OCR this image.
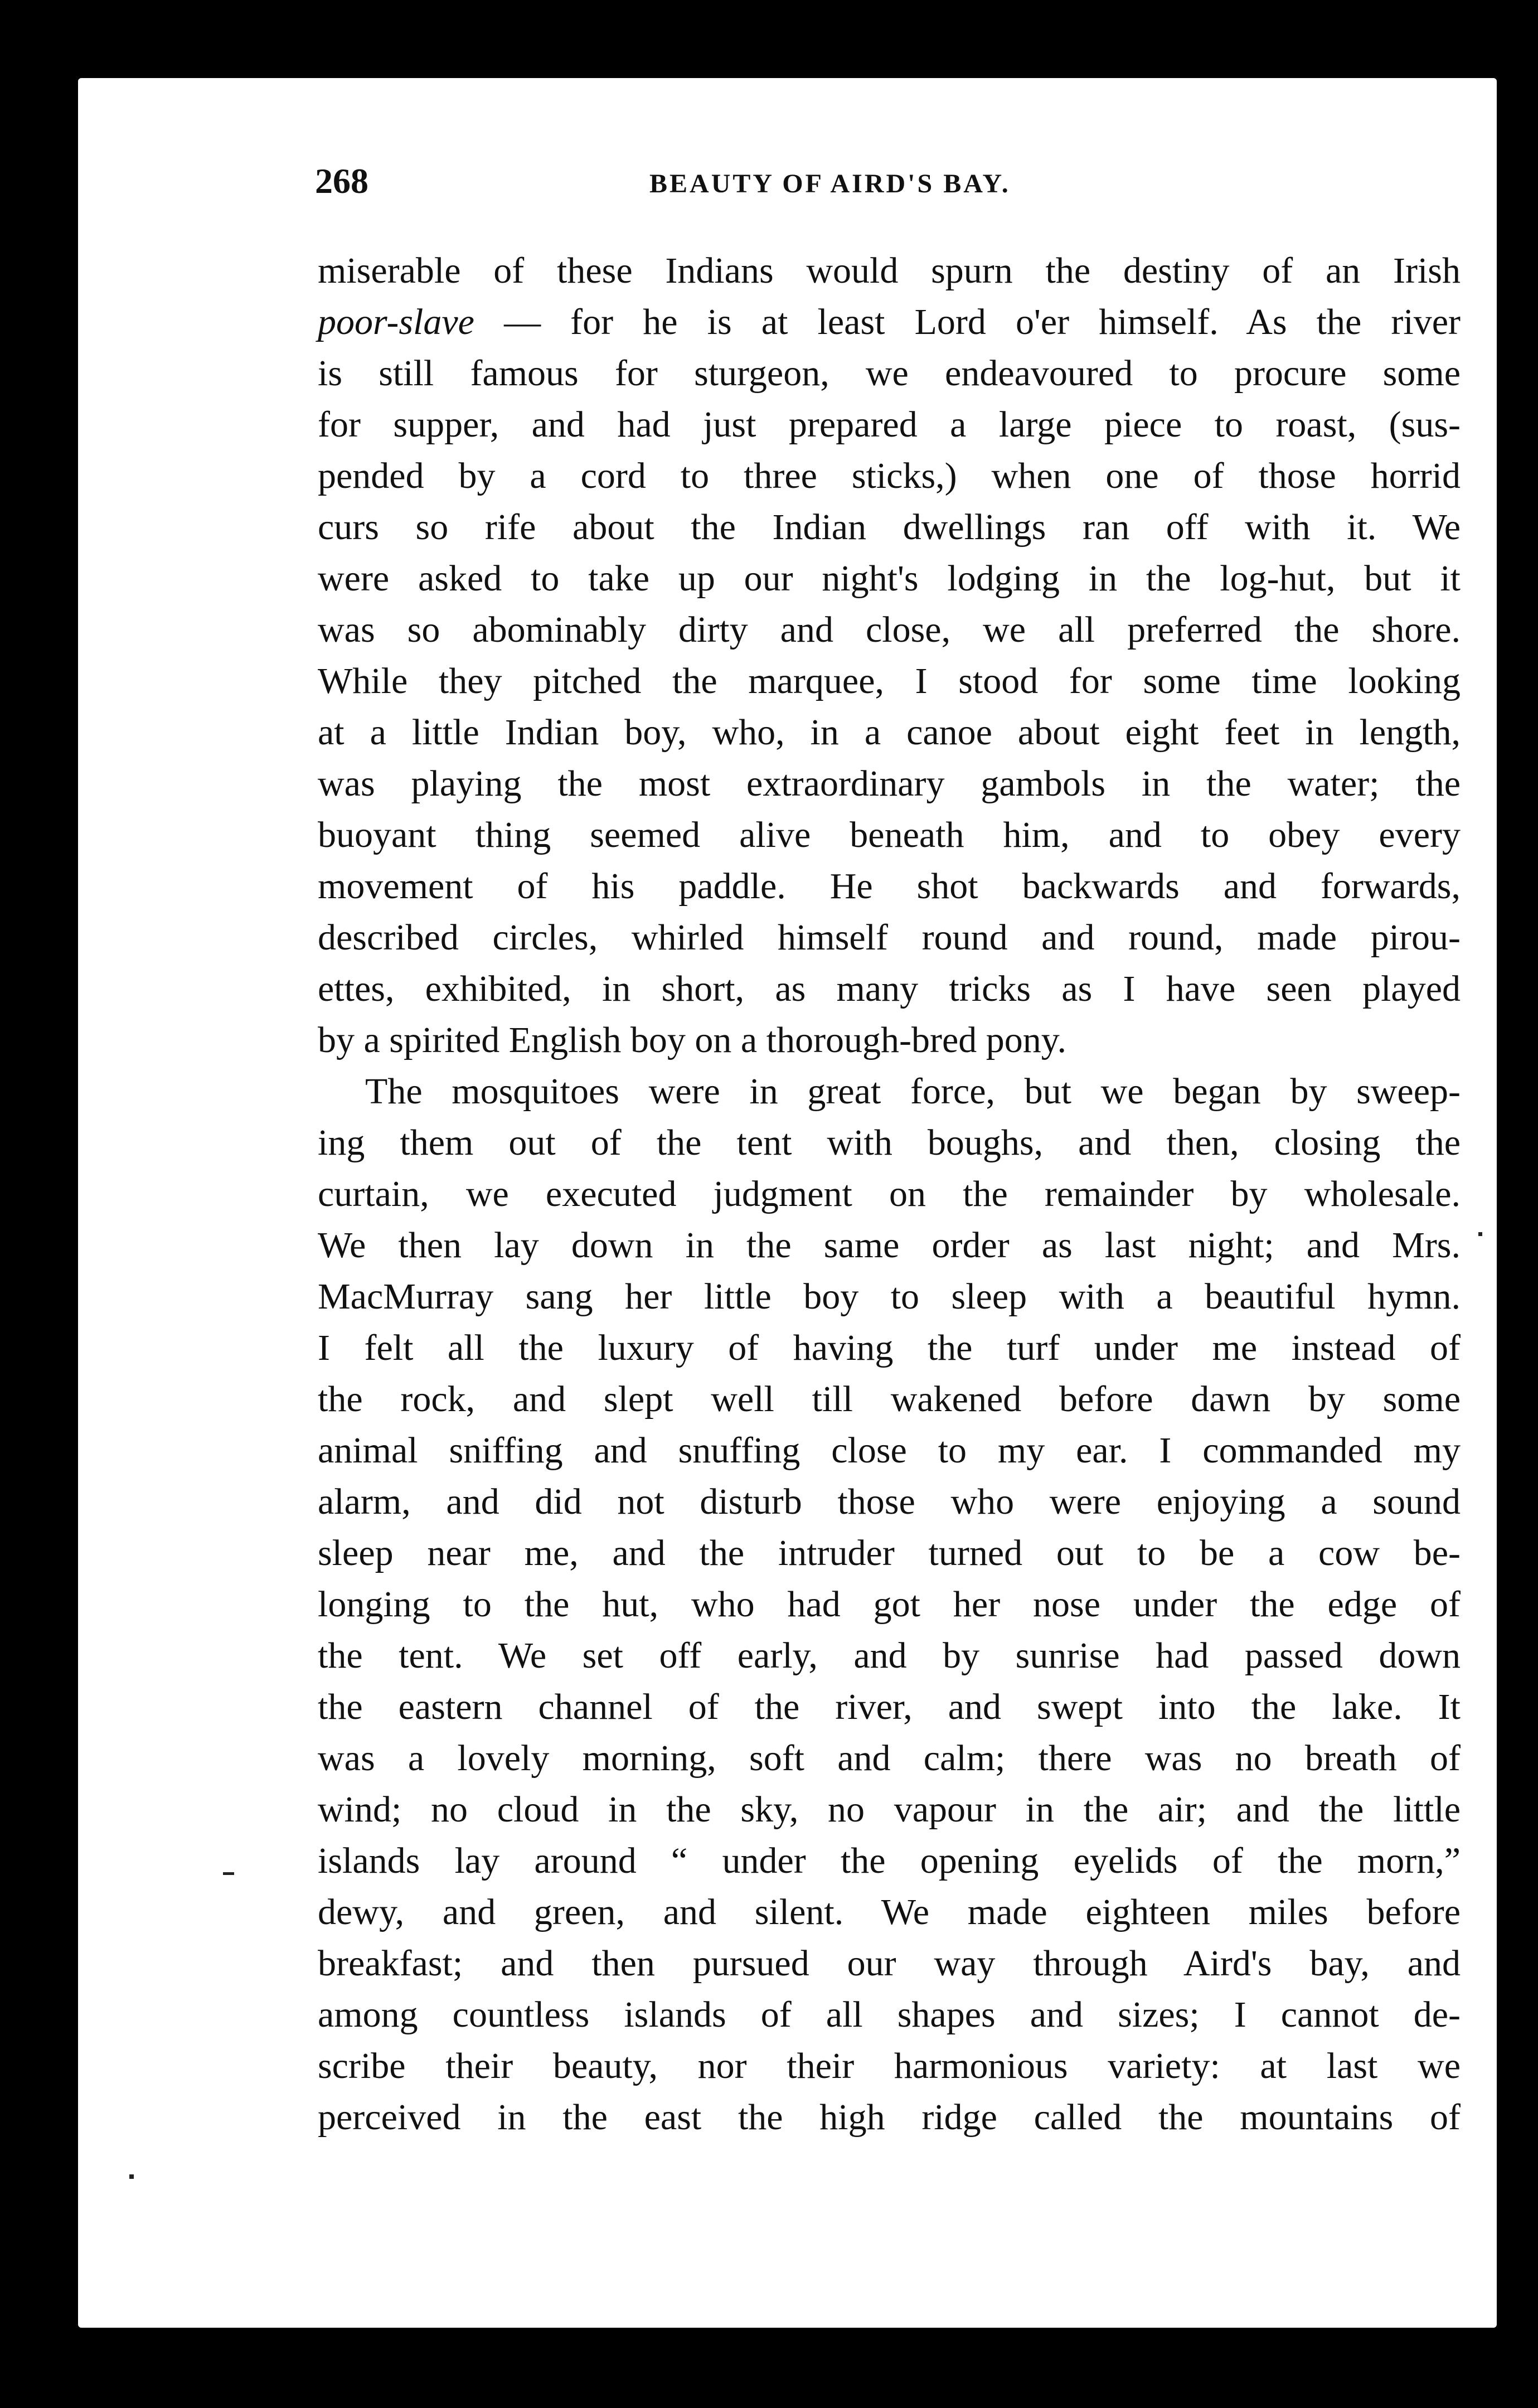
268	BEAUTY OF AIRD'S BAY.
miserable of these Indians would spurn the destiny of an Irish
poor-slave — for he is at least Lord o'er himself. As the river
is still famous for sturgeon, we endeavoured to procure some
for supper, and had just prepared a large piece to roast, (sus-
pended by a cord to three sticks,) when one of those horrid
curs so rife about the Indian dwellings ran off with it. We
were asked to take up our night's lodging in the log-hut, but it
was so abominably dirty and close, we all preferred the shore.
While they pitched the marquee, I stood for some time looking
at a little Indian boy, who, in a canoe about eight feet in length,
was playing the most extraordinary gambols in the water; the
buoyant thing seemed alive beneath him, and to obey every
movement of his paddle. He shot backwards and forwards,
described circles, whirled himself round and round, made pirou-
ettes, exhibited, in short, as many tricks as I have seen played
by a spirited English boy on a thorough-bred pony.
The mosquitoes were in great force, but we began by sweep-
ing them out of the tent with boughs, and then, closing the
curtain, we executed judgment on the remainder by wholesale.
We then lay down in the same order as last night; and Mrs.
MacMurray sang her little boy to sleep with a beautiful hymn.
I felt all the luxury of having the turf under me instead of
the rock, and slept well till wakened before dawn by some
animal sniffing and snuffing close to my ear. I commanded my
alarm, and did not disturb those who were enjoying a sound
sleep near me, and the intruder turned out to be a cow be-
longing to the hut, who had got her nose under the edge of
the tent. We set off early, and by sunrise had passed down
the eastern channel of the river, and swept into the lake. It
was a lovely morning, soft and calm; there was no breath of
wind; no cloud in the sky, no vapour in the air; and the little
islands lay around “ under the opening eyelids of the morn,”
dewy, and green, and silent. We made eighteen miles before
breakfast; and then pursued our way through Aird's bay, and
among countless islands of all shapes and sizes; I cannot de-
scribe their beauty, nor their harmonious variety: at last we
perceived in the east the high ridge called the mountains of
